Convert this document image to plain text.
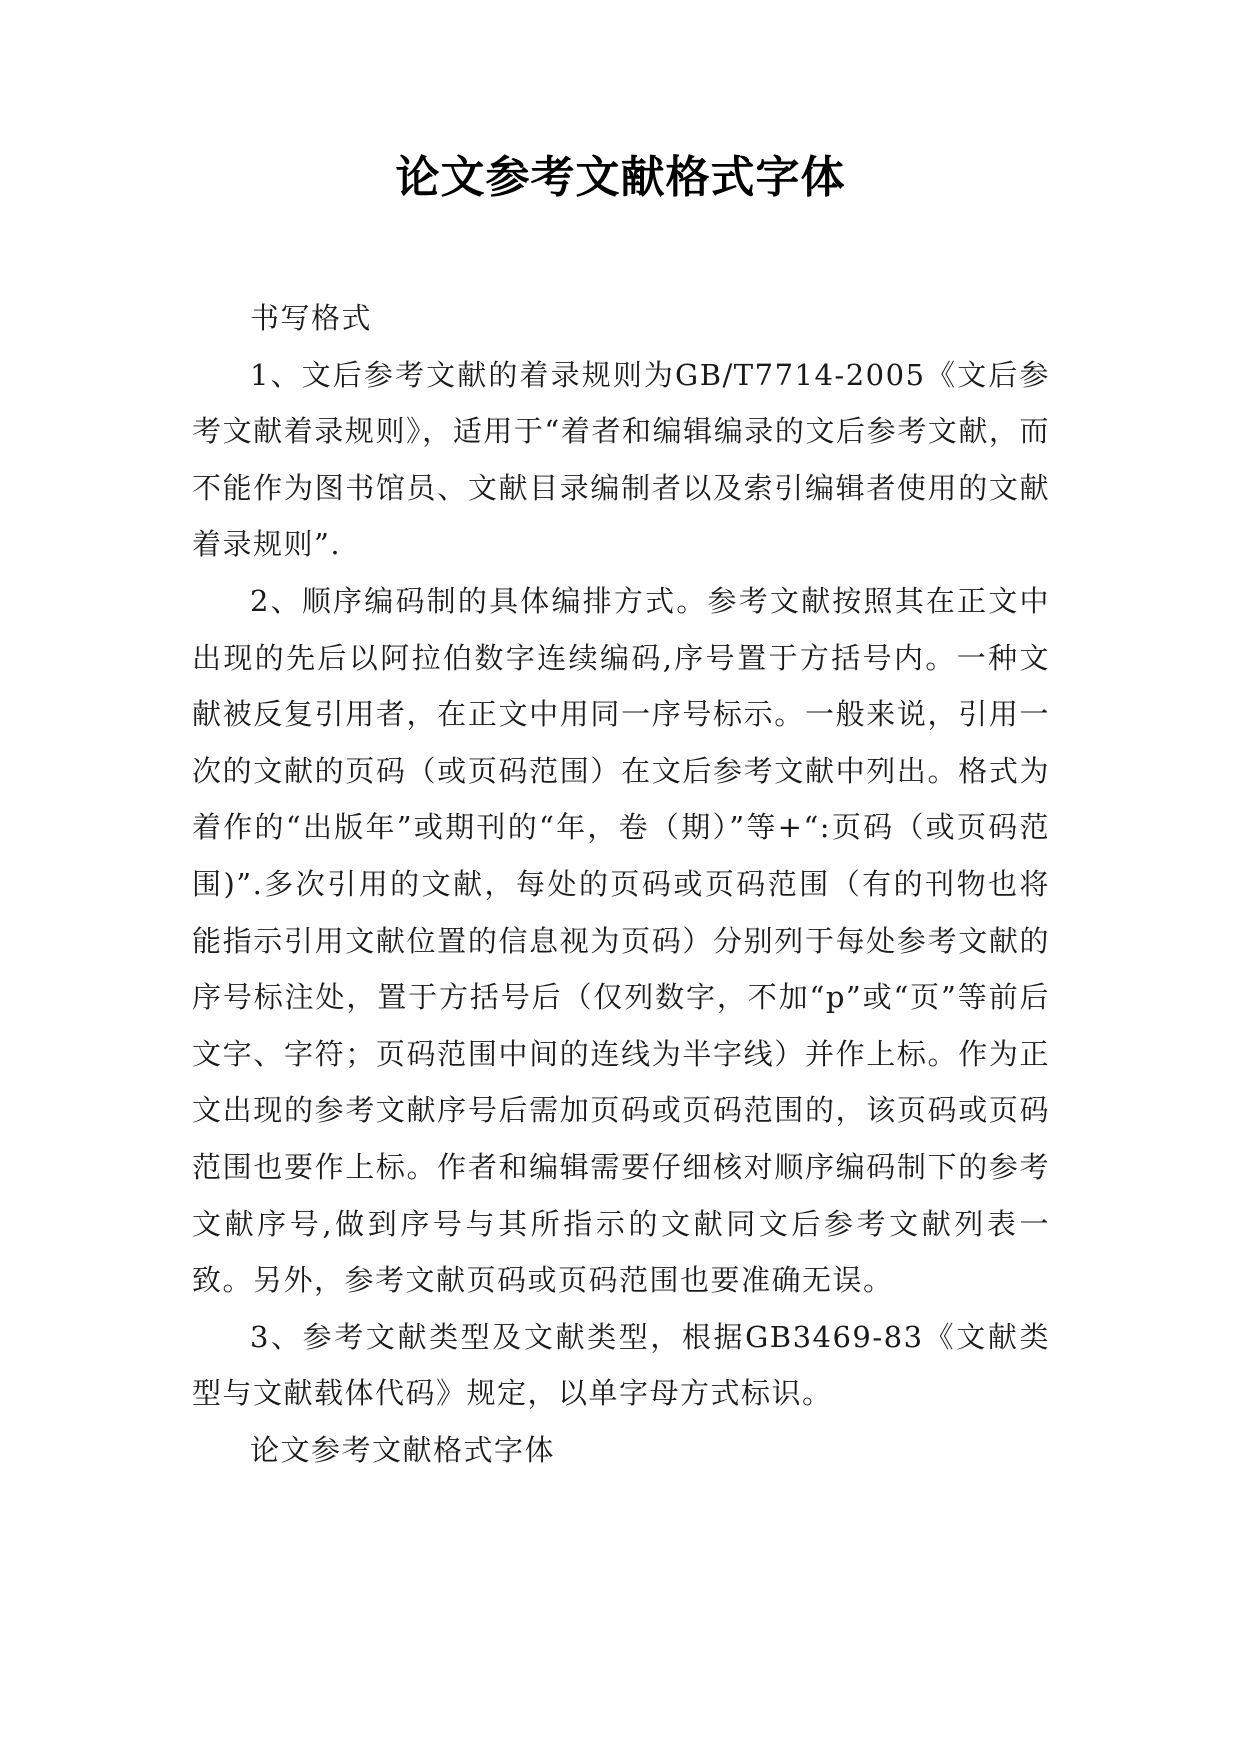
论文参考文献格式字体

书写格式

1、文后参考文献的着录规则为GB/T7714-2005《文后参考文献着录规则》，适用于“着者和编辑编录的文后参考文献，而不能作为图书馆员、文献目录编制者以及索引编辑者使用的文献着录规则”.

2、顺序编码制的具体编排方式。参考文献按照其在正文中出现的先后以阿拉伯数字连续编码,序号置于方括号内。一种文献被反复引用者，在正文中用同一序号标示。一般来说，引用一次的文献的页码（或页码范围）在文后参考文献中列出。格式为着作的“出版年”或期刊的“年，卷（期）”等+“:页码（或页码范围)”.多次引用的文献，每处的页码或页码范围（有的刊物也将能指示引用文献位置的信息视为页码）分别列于每处参考文献的序号标注处，置于方括号后（仅列数字，不加“p”或“页”等前后文字、字符；页码范围中间的连线为半字线）并作上标。作为正文出现的参考文献序号后需加页码或页码范围的，该页码或页码范围也要作上标。作者和编辑需要仔细核对顺序编码制下的参考文献序号,做到序号与其所指示的文献同文后参考文献列表一致。另外，参考文献页码或页码范围也要准确无误。

3、参考文献类型及文献类型，根据GB3469-83《文献类型与文献载体代码》规定，以单字母方式标识。

论文参考文献格式字体
